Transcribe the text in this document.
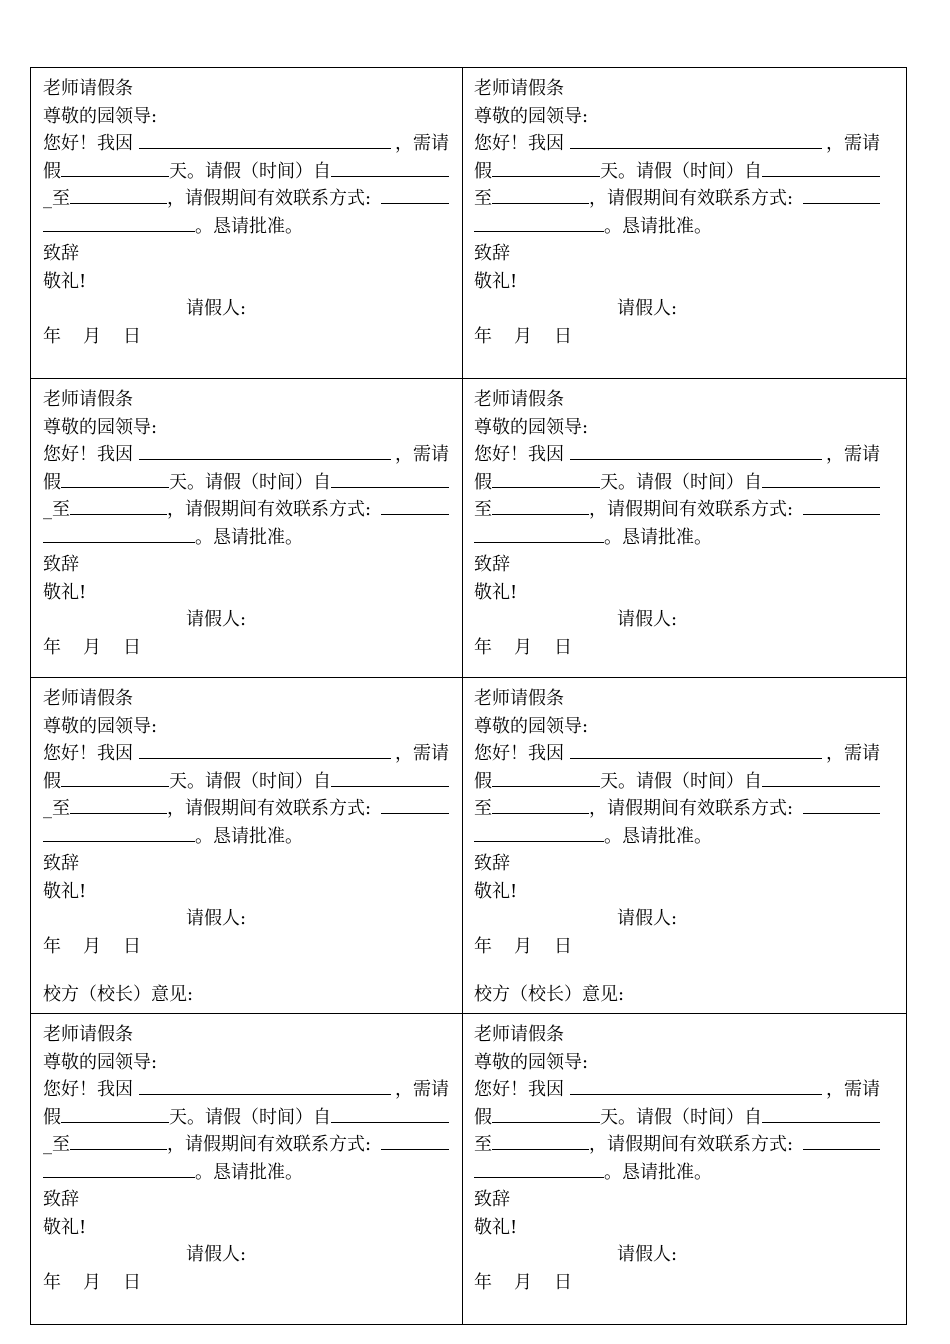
老师请假条
尊敬的园领导:
您好！我因	，需请
假	天。请假（时间）自
_至	，请假期间有效联系方式:
。恳请批准。
致辞
敬礼!
请假人:
年 月 日
老师请假条
尊敬的园领导:
您好！我因	，需请
假	天。请假（时间）自
至	，请假期间有效联系方式:
。恳请批准。
致辞
敬礼!
请假人:
年 月 日
老师请假条
尊敬的园领导:
您好！我因	，需请
假	天。请假（时间）自
_至	，请假期间有效联系方式:
。恳请批准。
致辞
敬礼!
请假人:
年 月 日
老师请假条
尊敬的园领导:
您好！我因	，需请
假	天。请假（时间）自
至	，请假期间有效联系方式:
。恳请批准。
致辞
敬礼!
请假人:
年 月 日
老师请假条
尊敬的园领导:
您好！我因	，需请
假	天。请假（时间）自
_至	，请假期间有效联系方式:
。恳请批准。
致辞
敬礼!
请假人:
年 月 日
校方（校长）意见:
老师请假条
尊敬的园领导:
您好！我因	，需请
假	天。请假（时间）自
至	，请假期间有效联系方式:
。恳请批准。
致辞
敬礼!
请假人:
年 月 日
校方（校长）意见:
老师请假条
尊敬的园领导:
您好！我因	，需请
假	天。请假（时间）自
_至	，请假期间有效联系方式:
。恳请批准。
致辞
敬礼!
请假人:
年 月 日
老师请假条
尊敬的园领导:
您好！我因	，需请
假	天。请假（时间）自
至	，请假期间有效联系方式:
。恳请批准。
致辞
敬礼!
请假人:
年 月 日
